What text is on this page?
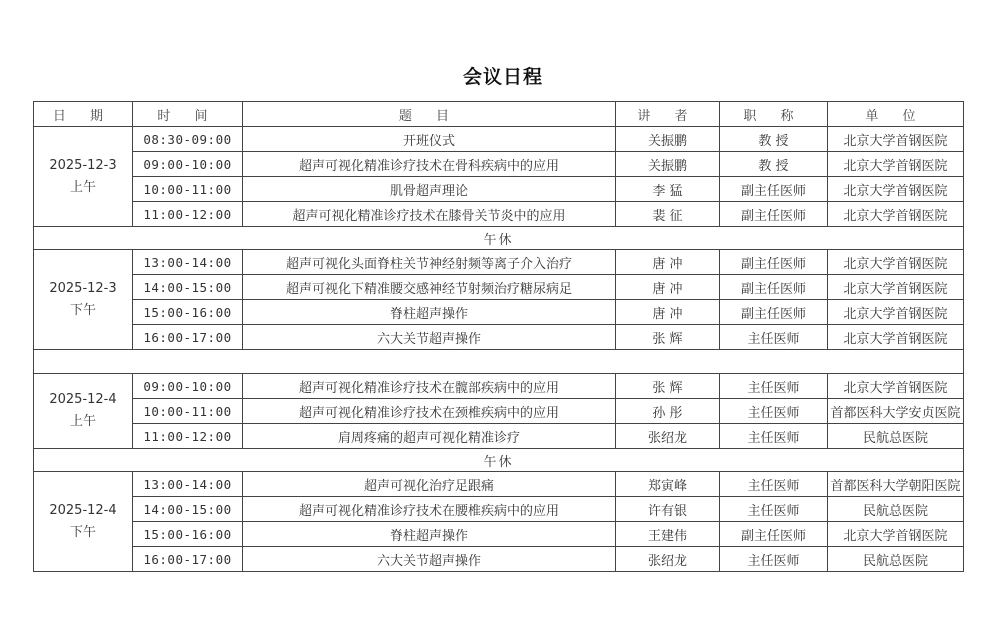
会议日程
日 期	时 间	题 目	讲 者	职 称	单 位

2025-12-3
上午	08:30-09:00	开班仪式	关振鹏	教 授	北京大学首钢医院
	09:00-10:00	超声可视化精准诊疗技术在骨科疾病中的应用	关振鹏	教 授	北京大学首钢医院
	10:00-11:00	肌骨超声理论	李 猛	副主任医师	北京大学首钢医院
	11:00-12:00	超声可视化精准诊疗技术在膝骨关节炎中的应用	裴 征	副主任医师	北京大学首钢医院
午休					

2025-12-3
下午	13:00-14:00	超声可视化头面脊柱关节神经射频等离子介入治疗	唐 冲	副主任医师	北京大学首钢医院
	14:00-15:00	超声可视化下精准腰交感神经节射频治疗糖尿病足	唐 冲	副主任医师	北京大学首钢医院
	15:00-16:00	脊柱超声操作	唐 冲	副主任医师	北京大学首钢医院
	16:00-17:00	六大关节超声操作	张 辉	主任医师	北京大学首钢医院

2025-12-4
上午	09:00-10:00	超声可视化精准诊疗技术在髋部疾病中的应用	张 辉	主任医师	北京大学首钢医院
	10:00-11:00	超声可视化精准诊疗技术在颈椎疾病中的应用	孙 彤	主任医师	首都医科大学安贞医院
	11:00-12:00	肩周疼痛的超声可视化精准诊疗	张绍龙	主任医师	民航总医院
午休					

2025-12-4
下午	13:00-14:00	超声可视化治疗足跟痛	郑寅峰	主任医师	首都医科大学朝阳医院
	14:00-15:00	超声可视化精准诊疗技术在腰椎疾病中的应用	许有银	主任医师	民航总医院
	15:00-16:00	脊柱超声操作	王建伟	副主任医师	北京大学首钢医院
	16:00-17:00	六大关节超声操作	张绍龙	主任医师	民航总医院
